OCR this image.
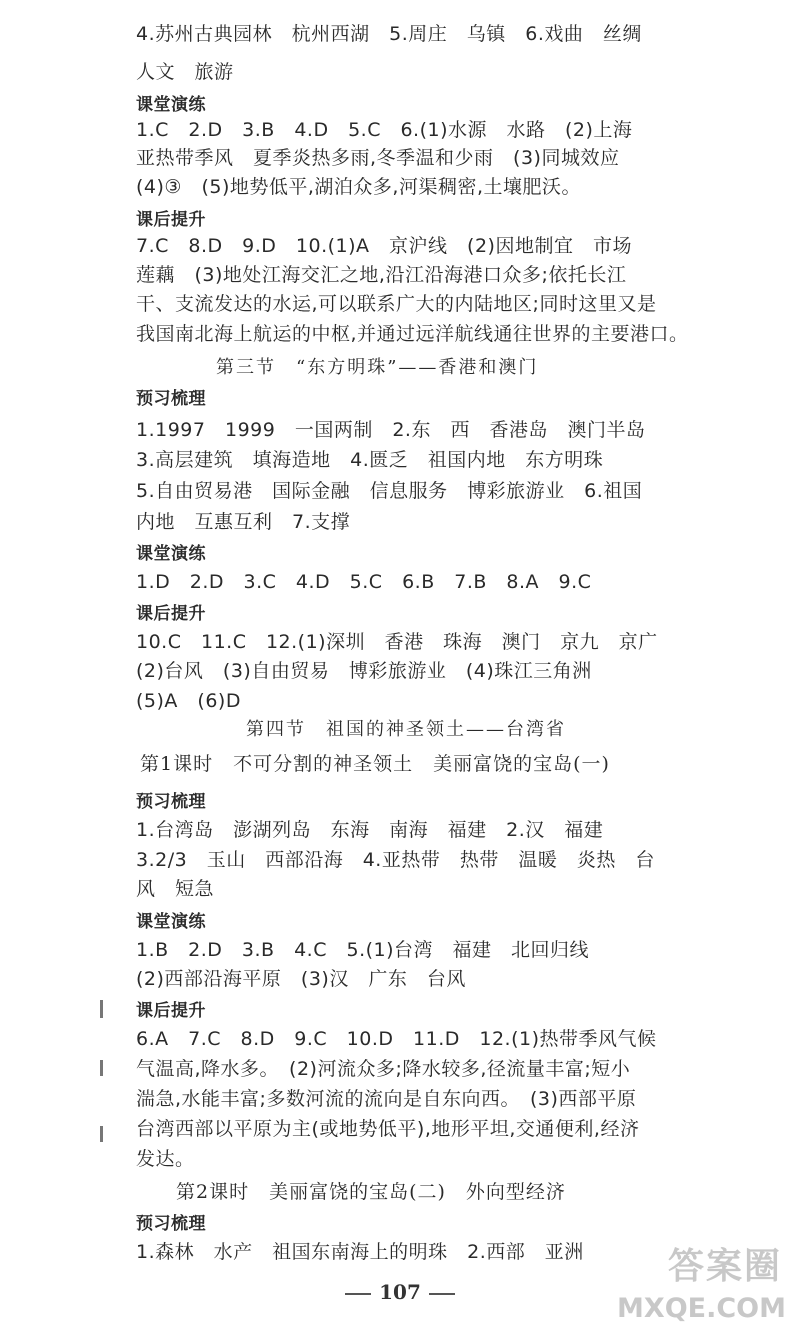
4.苏州古典园林　杭州西湖　5.周庄　乌镇　6.戏曲　丝绸
人文　旅游
课堂演练
1.C　2.D　3.B　4.D　5.C　6.(1)水源　水路　(2)上海
亚热带季风　夏季炎热多雨,冬季温和少雨　(3)同城效应
(4)③　(5)地势低平,湖泊众多,河渠稠密,土壤肥沃。
课后提升
7.C　8.D　9.D　10.(1)A　京沪线　(2)因地制宜　市场
莲藕　(3)地处江海交汇之地,沿江沿海港口众多;依托长江
干、支流发达的水运,可以联系广大的内陆地区;同时这里又是
我国南北海上航运的中枢,并通过远洋航线通往世界的主要港口。
第三节　“东方明珠”——香港和澳门
预习梳理
1.1997　1999　一国两制　2.东　西　香港岛　澳门半岛
3.高层建筑　填海造地　4.匮乏　祖国内地　东方明珠
5.自由贸易港　国际金融　信息服务　博彩旅游业　6.祖国
内地　互惠互利　7.支撑
课堂演练
1.D　2.D　3.C　4.D　5.C　6.B　7.B　8.A　9.C
课后提升
10.C　11.C　12.(1)深圳　香港　珠海　澳门　京九　京广
(2)台风　(3)自由贸易　博彩旅游业　(4)珠江三角洲
(5)A　(6)D
第四节　祖国的神圣领土——台湾省
第1课时　不可分割的神圣领土　美丽富饶的宝岛(一)
预习梳理
1.台湾岛　澎湖列岛　东海　南海　福建　2.汉　福建
3.2/3　玉山　西部沿海　4.亚热带　热带　温暖　炎热　台
风　短急
课堂演练
1.B　2.D　3.B　4.C　5.(1)台湾　福建　北回归线
(2)西部沿海平原　(3)汉　广东　台风
课后提升
6.A　7.C　8.D　9.C　10.D　11.D　12.(1)热带季风气候
气温高,降水多。　(2)河流众多;降水较多,径流量丰富;短小
湍急,水能丰富;多数河流的流向是自东向西。　(3)西部平原
台湾西部以平原为主(或地势低平),地形平坦,交通便利,经济
发达。
第2课时　美丽富饶的宝岛(二)　外向型经济
预习梳理
1.森林　水产　祖国东南海上的明珠　2.西部　亚洲
107
答案圈
MXQE.COM
